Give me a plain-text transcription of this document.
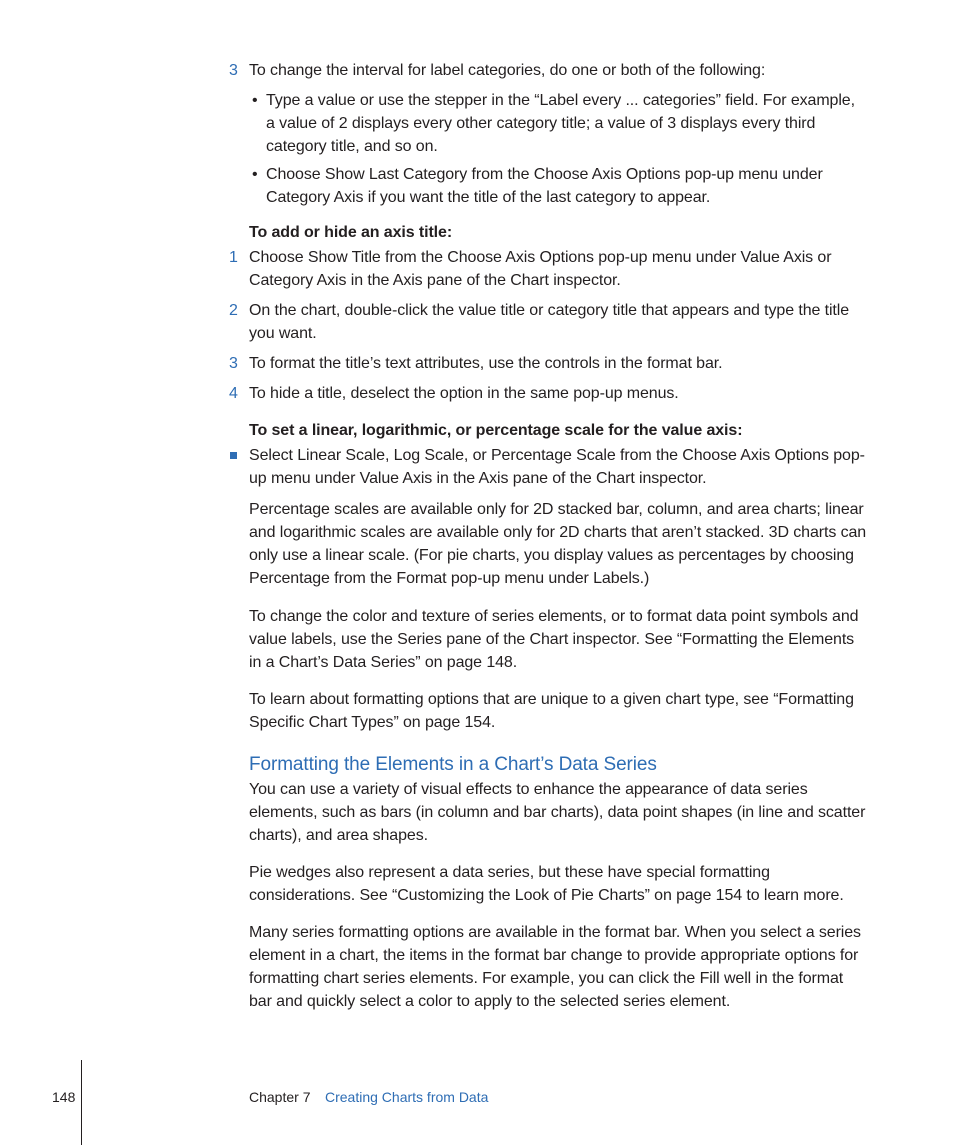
3 To change the interval for label categories, do one or both of the following:
• Type a value or use the stepper in the “Label every ... categories” field. For example, a value of 2 displays every other category title; a value of 3 displays every third category title, and so on.
• Choose Show Last Category from the Choose Axis Options pop-up menu under Category Axis if you want the title of the last category to appear.
To add or hide an axis title:
1 Choose Show Title from the Choose Axis Options pop-up menu under Value Axis or Category Axis in the Axis pane of the Chart inspector.
2 On the chart, double-click the value title or category title that appears and type the title you want.
3 To format the title’s text attributes, use the controls in the format bar.
4 To hide a title, deselect the option in the same pop-up menus.
To set a linear, logarithmic, or percentage scale for the value axis:
Select Linear Scale, Log Scale, or Percentage Scale from the Choose Axis Options pop-up menu under Value Axis in the Axis pane of the Chart inspector.
Percentage scales are available only for 2D stacked bar, column, and area charts; linear and logarithmic scales are available only for 2D charts that aren’t stacked. 3D charts can only use a linear scale. (For pie charts, you display values as percentages by choosing Percentage from the Format pop-up menu under Labels.)
To change the color and texture of series elements, or to format data point symbols and value labels, use the Series pane of the Chart inspector. See “Formatting the Elements in a Chart’s Data Series” on page 148.
To learn about formatting options that are unique to a given chart type, see “Formatting Specific Chart Types” on page 154.
Formatting the Elements in a Chart’s Data Series
You can use a variety of visual effects to enhance the appearance of data series elements, such as bars (in column and bar charts), data point shapes (in line and scatter charts), and area shapes.
Pie wedges also represent a data series, but these have special formatting considerations. See “Customizing the Look of Pie Charts” on page 154 to learn more.
Many series formatting options are available in the format bar. When you select a series element in a chart, the items in the format bar change to provide appropriate options for formatting chart series elements. For example, you can click the Fill well in the format bar and quickly select a color to apply to the selected series element.
148	Chapter 7 Creating Charts from Data
